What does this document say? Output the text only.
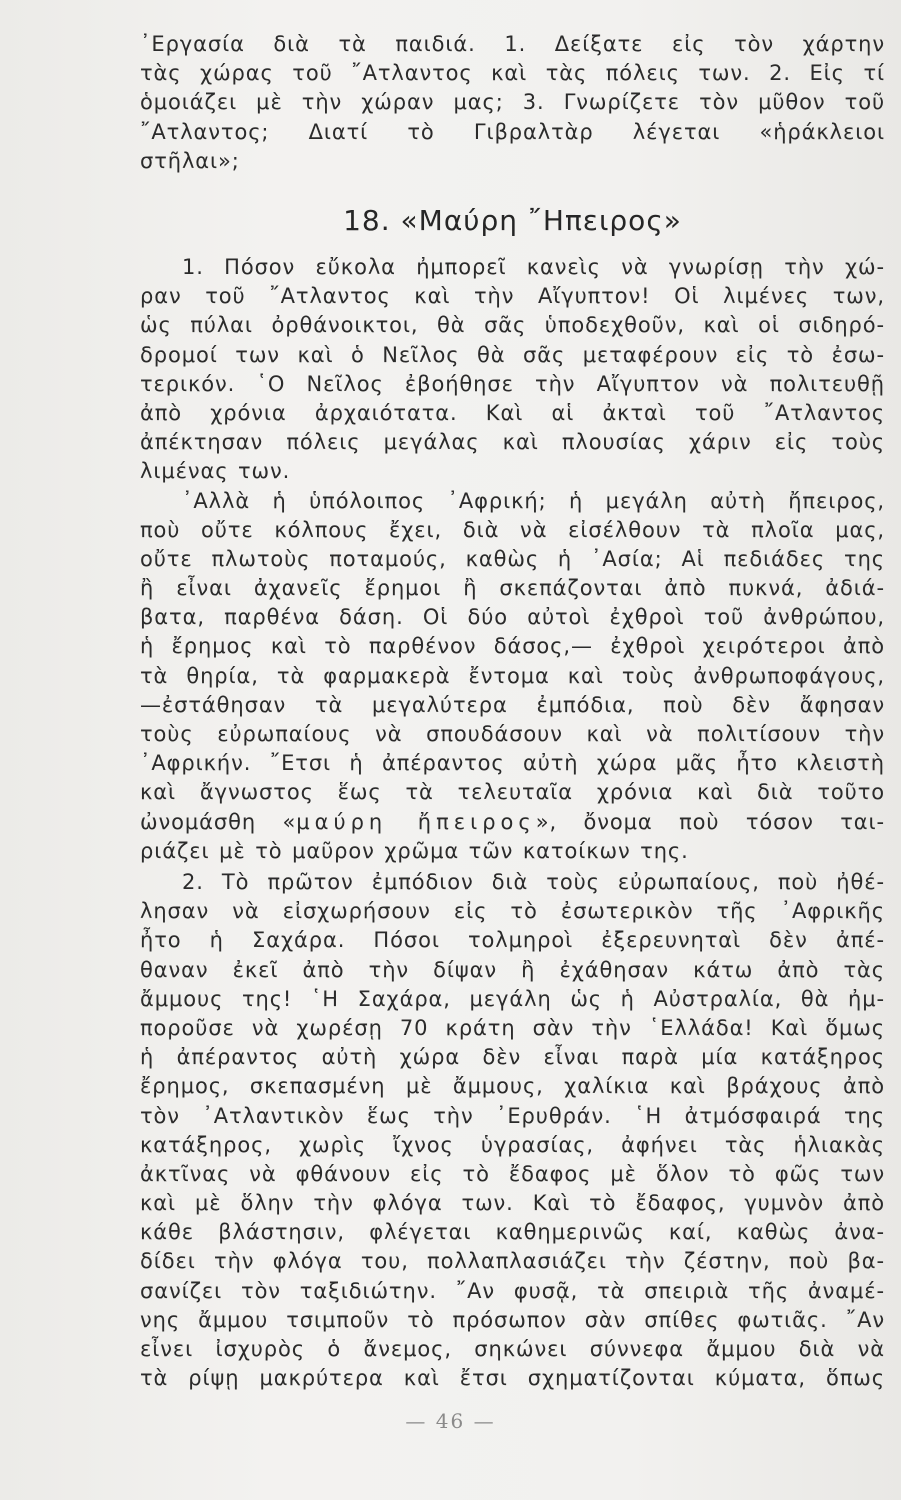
᾿Εργασία διὰ τὰ παιδιά. 1. Δείξατε εἰς τὸν χάρτην
τὰς χώρας τοῦ ῎Ατλαντος καὶ τὰς πόλεις των. 2. Εἰς τί
ὁμοιάζει μὲ τὴν χώραν μας; 3. Γνωρίζετε τὸν μῦθον τοῦ
῎Ατλαντος; Διατί τὸ Γιβραλτὰρ λέγεται «ἡράκλειοι
στῆλαι»;
18. «Μαύρη ῎Ηπειρος»
1. Πόσον εὔκολα ἠμπορεῖ κανεὶς νὰ γνωρίσῃ τὴν χώ-
ραν τοῦ ῎Ατλαντος καὶ τὴν Αἴγυπτον! Οἱ λιμένες των,
ὡς πύλαι ὀρθάνοικτοι, θὰ σᾶς ὑποδεχθοῦν, καὶ οἱ σιδηρό-
δρομοί των καὶ ὁ Νεῖλος θὰ σᾶς μεταφέρουν εἰς τὸ ἐσω-
τερικόν. ῾Ο Νεῖλος ἐβοήθησε τὴν Αἴγυπτον νὰ πολιτευθῇ
ἀπὸ χρόνια ἀρχαιότατα. Καὶ αἱ ἀκταὶ τοῦ ῎Ατλαντος
ἀπέκτησαν πόλεις μεγάλας καὶ πλουσίας χάριν εἰς τοὺς
λιμένας των.
᾿Αλλὰ ἡ ὑπόλοιπος ᾿Αφρική; ἡ μεγάλη αὐτὴ ἤπειρος,
ποὺ οὔτε κόλπους ἔχει, διὰ νὰ εἰσέλθουν τὰ πλοῖα μας,
οὔτε πλωτοὺς ποταμούς, καθὼς ἡ ᾿Ασία; Αἱ πεδιάδες της
ἢ εἶναι ἀχανεῖς ἔρημοι ἢ σκεπάζονται ἀπὸ πυκνά, ἀδιά-
βατα, παρθένα δάση. Οἱ δύο αὐτοὶ ἐχθροὶ τοῦ ἀνθρώπου,
ἡ ἔρημος καὶ τὸ παρθένον δάσος,— ἐχθροὶ χειρότεροι ἀπὸ
τὰ θηρία, τὰ φαρμακερὰ ἔντομα καὶ τοὺς ἀνθρωποφάγους,
—ἐστάθησαν τὰ μεγαλύτερα ἐμπόδια, ποὺ δὲν ἄφησαν
τοὺς εὐρωπαίους νὰ σπουδάσουν καὶ νὰ πολιτίσουν τὴν
᾿Αφρικήν. ῎Ετσι ἡ ἀπέραντος αὐτὴ χώρα μᾶς ἦτο κλειστὴ
καὶ ἄγνωστος ἕως τὰ τελευταῖα χρόνια καὶ διὰ τοῦτο
ὠνομάσθη «μαύρη ἤπειρος», ὄνομα ποὺ τόσον ται-
ριάζει μὲ τὸ μαῦρον χρῶμα τῶν κατοίκων της.
2. Τὸ πρῶτον ἐμπόδιον διὰ τοὺς εὐρωπαίους, ποὺ ἠθέ-
λησαν νὰ εἰσχωρήσουν εἰς τὸ ἐσωτερικὸν τῆς ᾿Αφρικῆς
ἦτο ἡ Σαχάρα. Πόσοι τολμηροὶ ἐξερευνηταὶ δὲν ἀπέ-
θαναν ἐκεῖ ἀπὸ τὴν δίψαν ἢ ἐχάθησαν κάτω ἀπὸ τὰς
ἄμμους της! ῾Η Σαχάρα, μεγάλη ὡς ἡ Αὐστραλία, θὰ ἠμ-
ποροῦσε νὰ χωρέσῃ 70 κράτη σὰν τὴν ῾Ελλάδα! Καὶ ὅμως
ἡ ἀπέραντος αὐτὴ χώρα δὲν εἶναι παρὰ μία κατάξηρος
ἔρημος, σκεπασμένη μὲ ἄμμους, χαλίκια καὶ βράχους ἀπὸ
τὸν ᾿Ατλαντικὸν ἕως τὴν ᾿Ερυθράν. ῾Η ἀτμόσφαιρά της
κατάξηρος, χωρὶς ἴχνος ὑγρασίας, ἀφήνει τὰς ἡλιακὰς
ἀκτῖνας νὰ φθάνουν εἰς τὸ ἔδαφος μὲ ὅλον τὸ φῶς των
καὶ μὲ ὅλην τὴν φλόγα των. Καὶ τὸ ἔδαφος, γυμνὸν ἀπὸ
κάθε βλάστησιν, φλέγεται καθημερινῶς καί, καθὼς ἀνα-
δίδει τὴν φλόγα του, πολλαπλασιάζει τὴν ζέστην, ποὺ βα-
σανίζει τὸν ταξιδιώτην. ῎Αν φυσᾷ, τὰ σπειριὰ τῆς ἀναμέ-
νης ἄμμου τσιμποῦν τὸ πρόσωπον σὰν σπίθες φωτιᾶς. ῎Αν
εἶνει ἰσχυρὸς ὁ ἄνεμος, σηκώνει σύννεφα ἄμμου διὰ νὰ
τὰ ρίψῃ μακρύτερα καὶ ἔτσι σχηματίζονται κύματα, ὅπως
— 46 —
